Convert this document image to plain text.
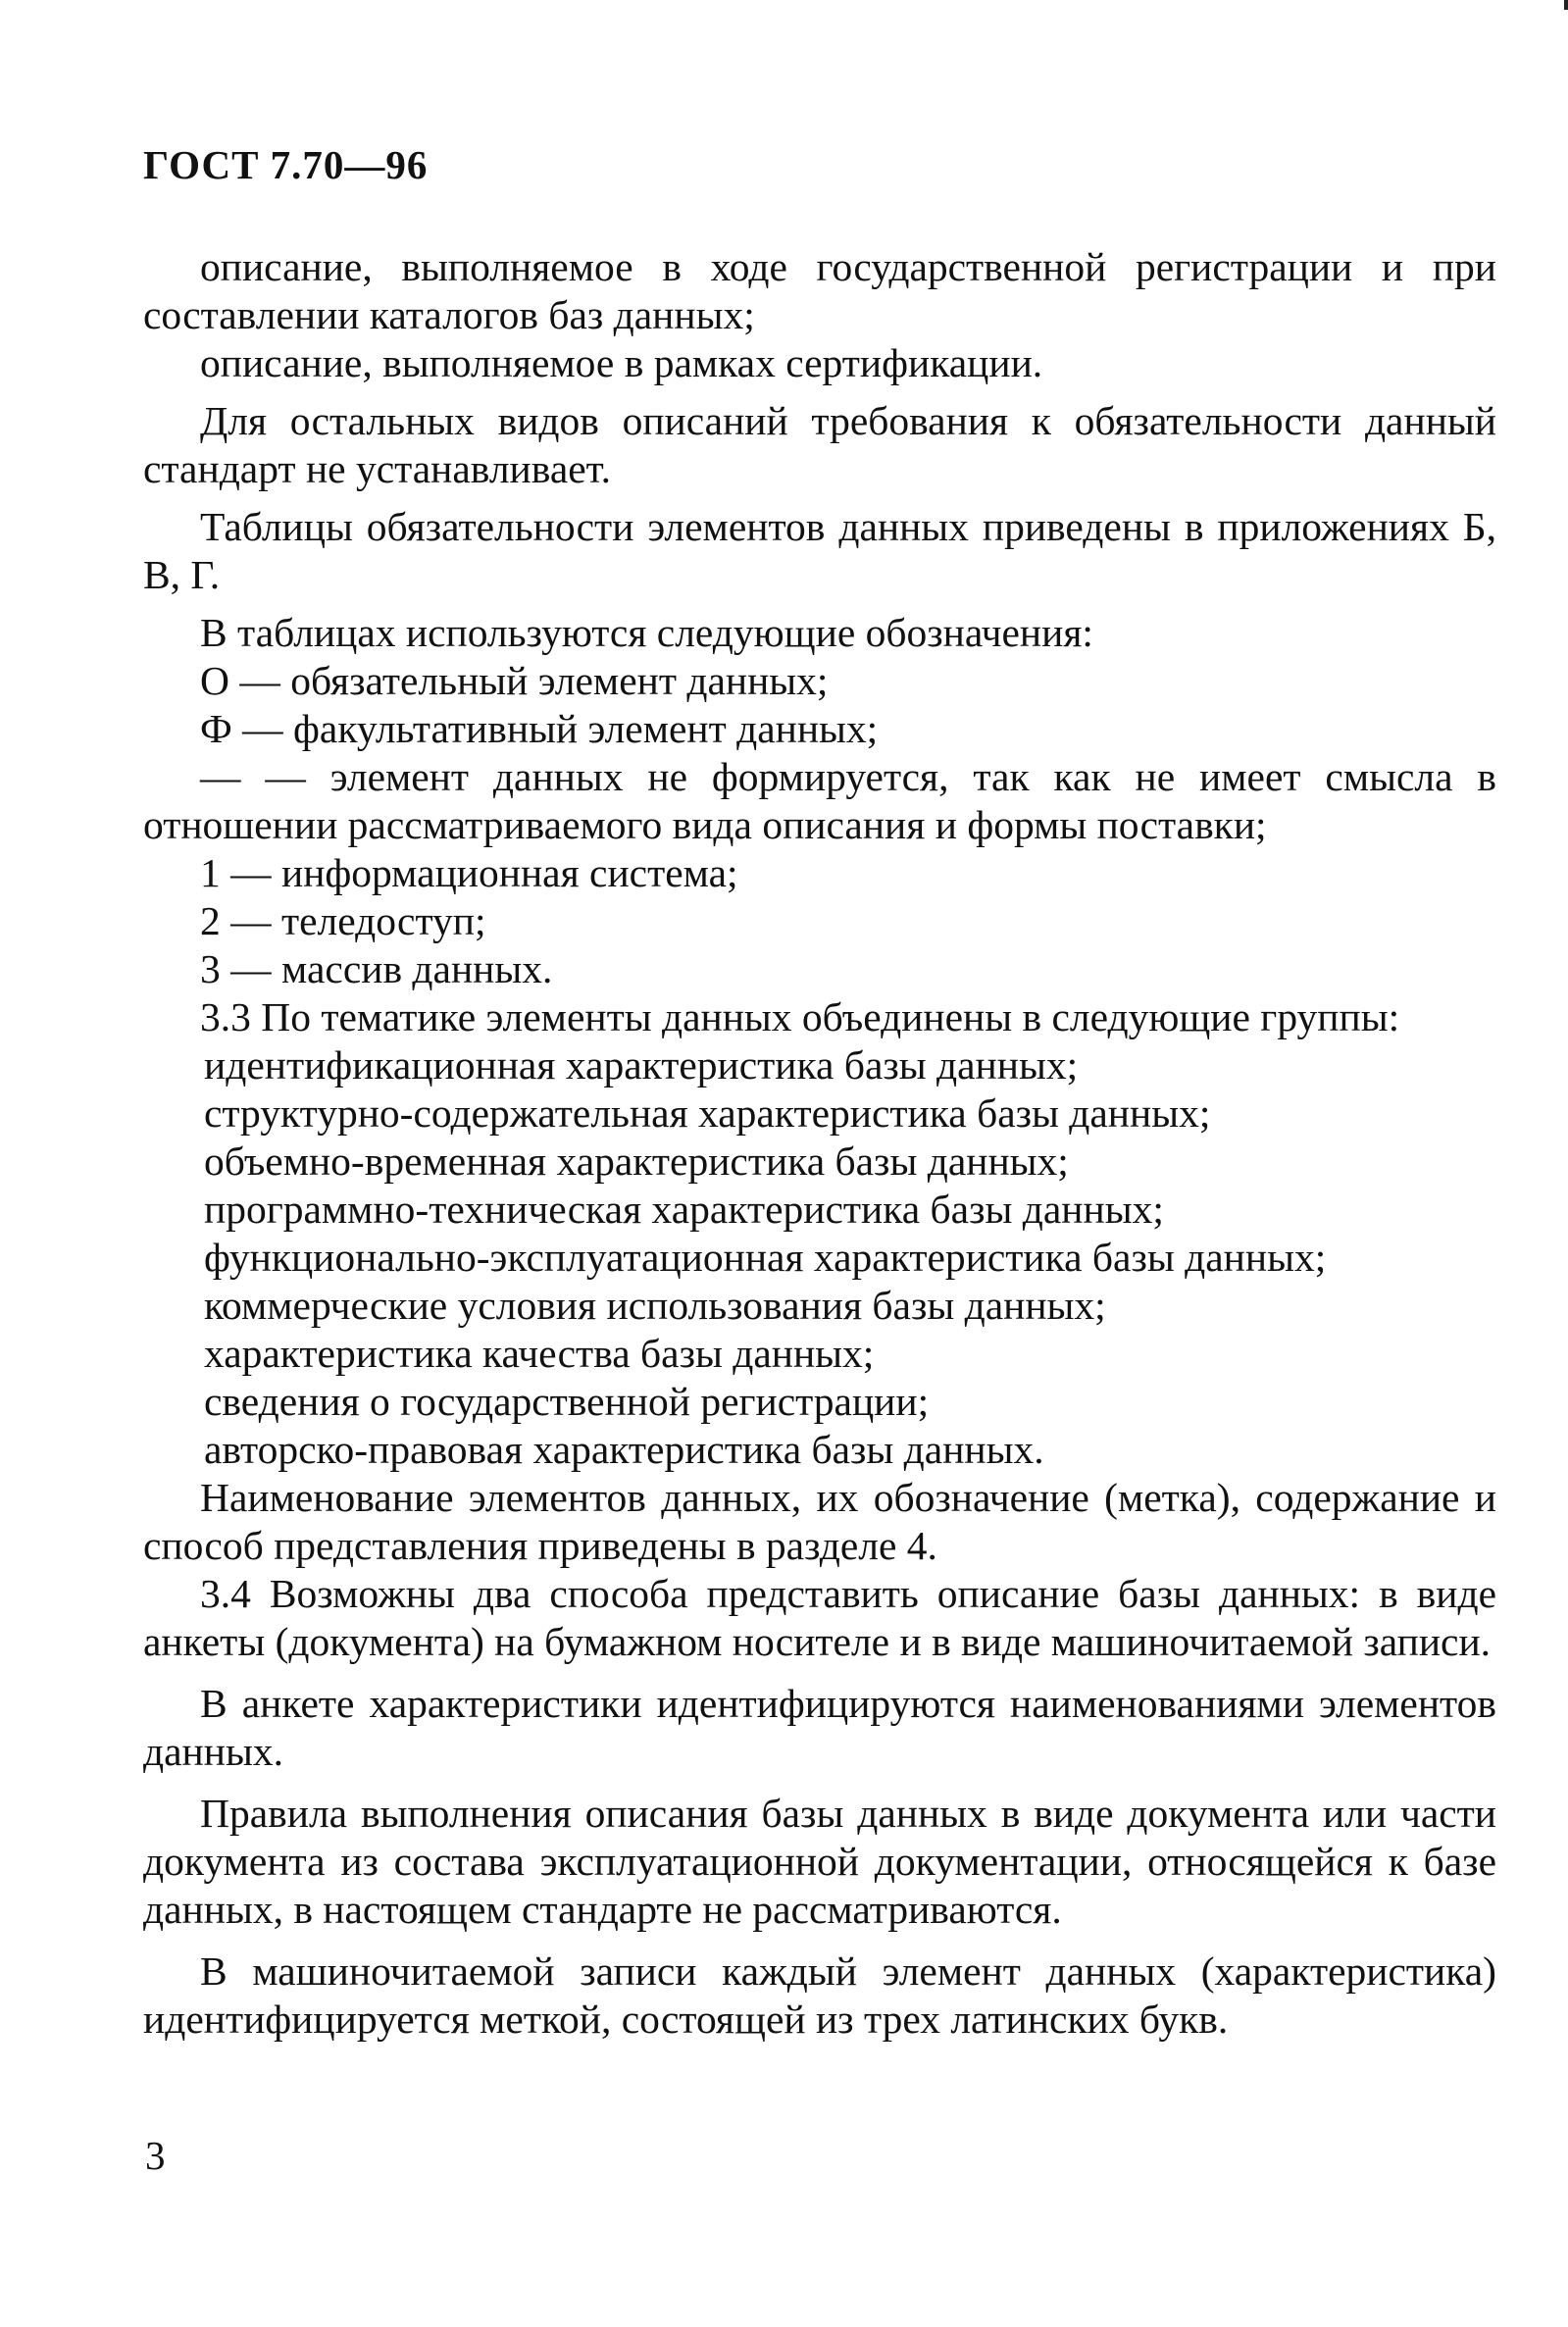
ГОСТ 7.70—96

описание, выполняемое в ходе государственной регистрации и при составлении каталогов баз данных;

описание, выполняемое в рамках сертификации.

Для остальных видов описаний требования к обязательности данный стандарт не устанавливает.

Таблицы обязательности элементов данных приведены в приложениях Б, В, Г.

В таблицах используются следующие обозначения:

О — обязательный элемент данных;

Ф — факультативный элемент данных;

— — элемент данных не формируется, так как не имеет смысла в отношении рассматриваемого вида описания и формы поставки;

1 — информационная система;

2 — теледоступ;

3 — массив данных.

3.3 По тематике элементы данных объединены в следующие группы:

идентификационная характеристика базы данных;

структурно-содержательная характеристика базы данных;

объемно-временная характеристика базы данных;

программно-техническая характеристика базы данных;

функционально-эксплуатационная характеристика базы данных;

коммерческие условия использования базы данных;

характеристика качества базы данных;

сведения о государственной регистрации;

авторско-правовая характеристика базы данных.

Наименование элементов данных, их обозначение (метка), содержание и способ представления приведены в разделе 4.

3.4 Возможны два способа представить описание базы данных: в виде анкеты (документа) на бумажном носителе и в виде машиночитаемой записи.

В анкете характеристики идентифицируются наименованиями элементов данных.

Правила выполнения описания базы данных в виде документа или части документа из состава эксплуатационной документации, относящейся к базе данных, в настоящем стандарте не рассматриваются.

В машиночитаемой записи каждый элемент данных (характеристика) идентифицируется меткой, состоящей из трех латинских букв.

3
